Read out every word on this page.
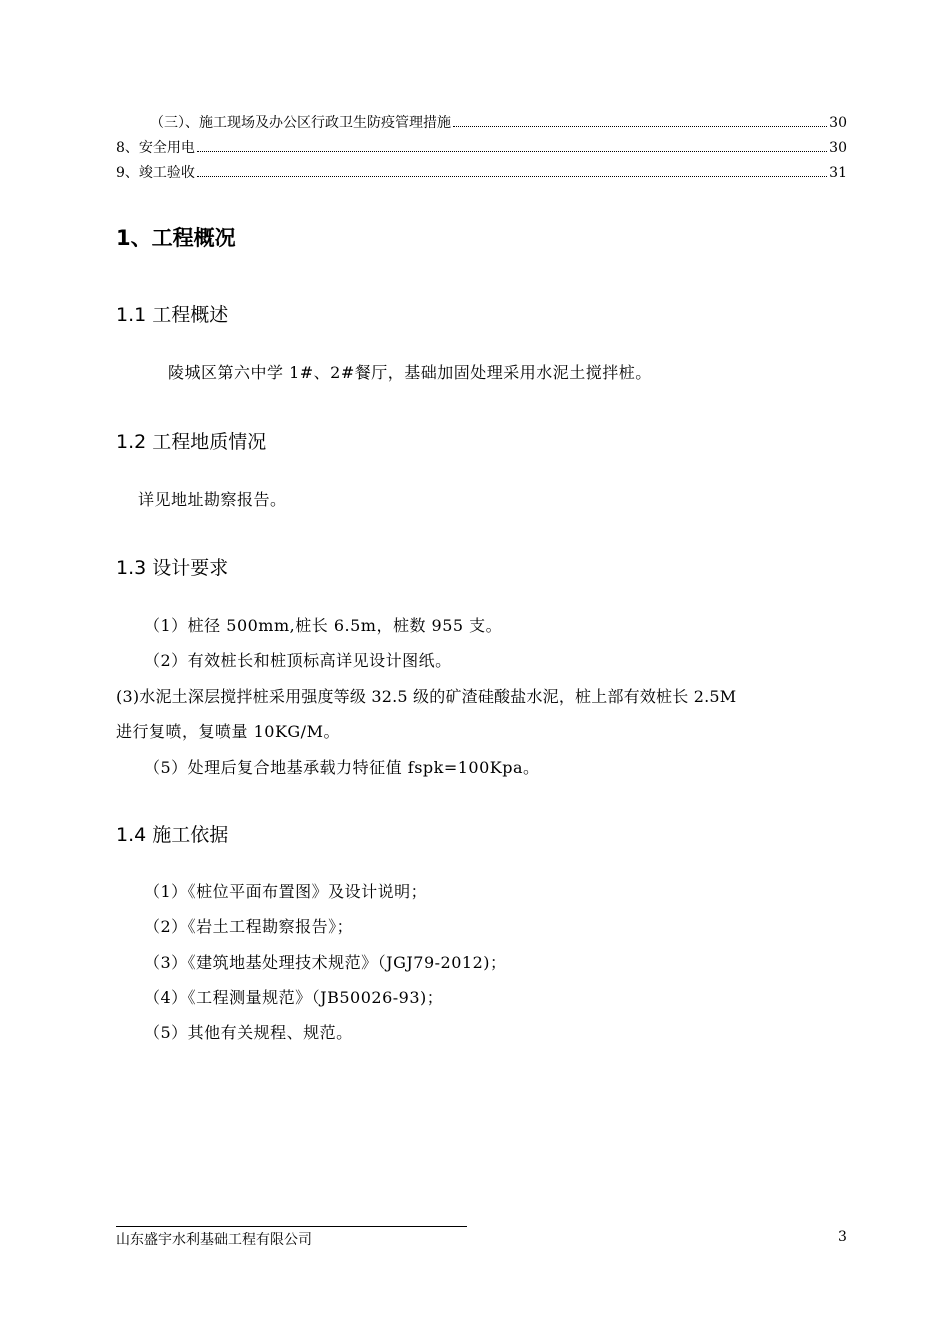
（三）、施工现场及办公区行政卫生防疫管理措施	30
8、安全用电	30
9、竣工验收	31
1、工程概况
1.1 工程概述
陵城区第六中学 1#、2#餐厅，基础加固处理采用水泥土搅拌桩。
1.2 工程地质情况
详见地址勘察报告。
1.3 设计要求
（1）桩径 500mm,桩长 6.5m，桩数 955 支。
（2）有效桩长和桩顶标高详见设计图纸。
(3)水泥土深层搅拌桩采用强度等级 32.5 级的矿渣硅酸盐水泥，桩上部有效桩长 2.5M
进行复喷，复喷量 10KG/M。
（5）处理后复合地基承载力特征值 fspk=100Kpa。
1.4 施工依据
（1）《桩位平面布置图》及设计说明；
（2）《岩土工程勘察报告》；
（3）《建筑地基处理技术规范》（JGJ79-2012)；
（4）《工程测量规范》（JB50026-93)；
（5）其他有关规程、规范。
山东盛宇水利基础工程有限公司	3
